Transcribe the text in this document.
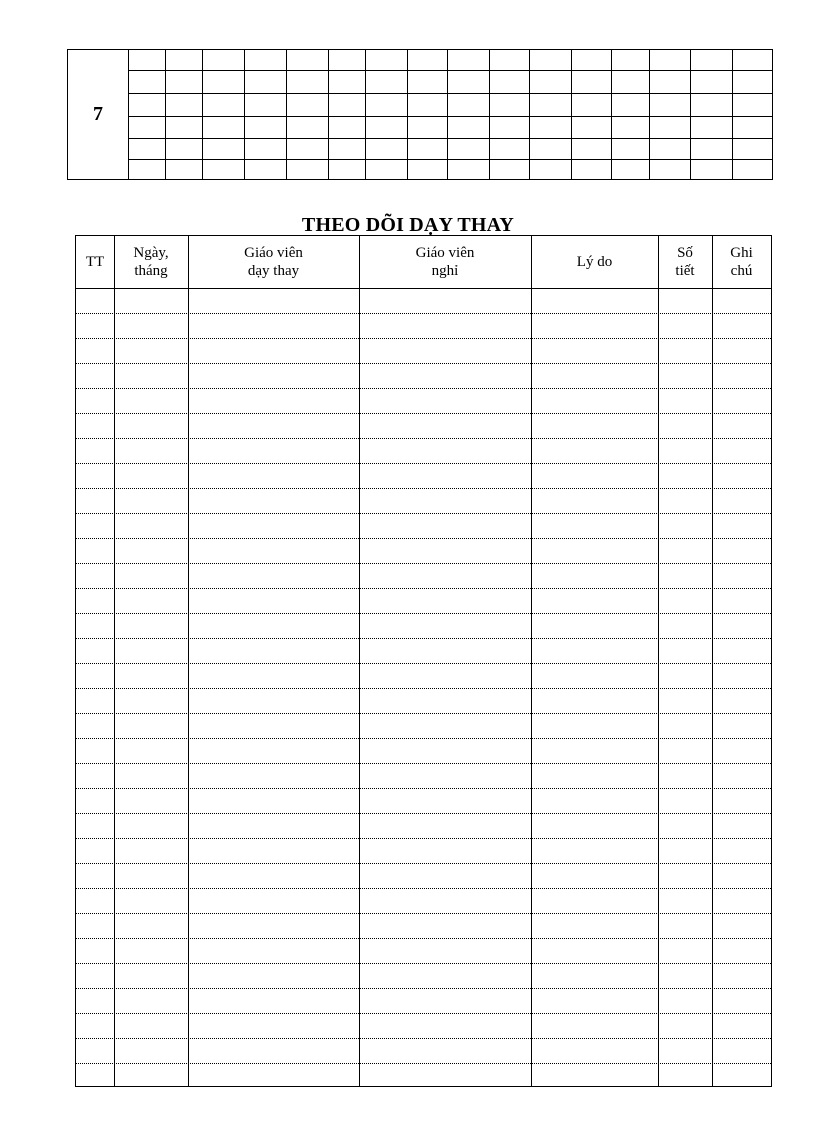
7
THEO DÕI DẠY THAY
TT
Ngày,
tháng
Giáo viên
dạy thay
Giáo viên
nghỉ
Lý do
Số
tiết
Ghi
chú
